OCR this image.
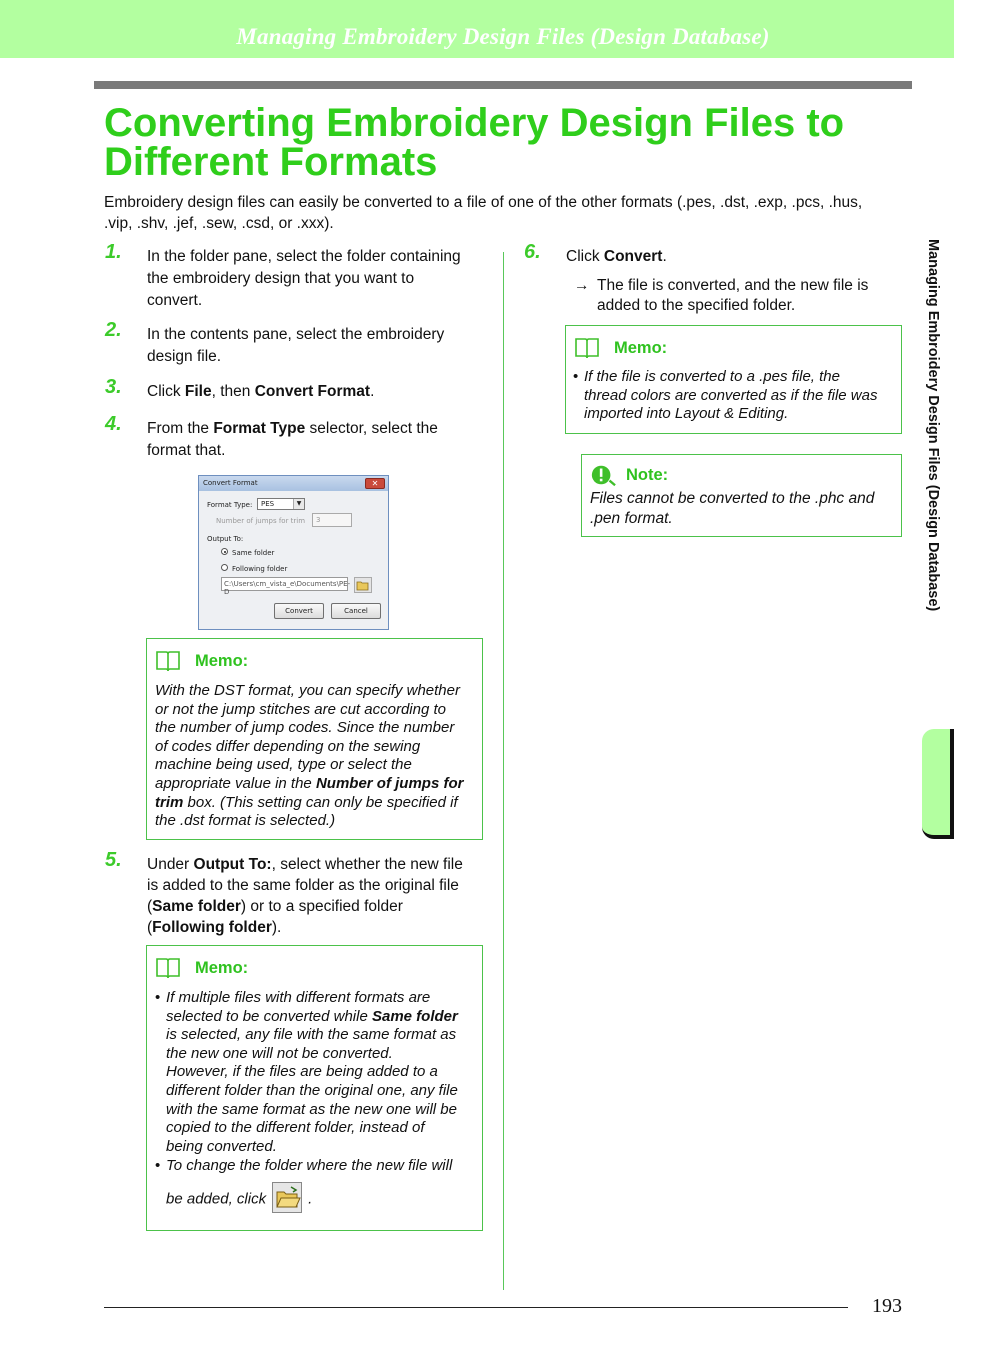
Managing Embroidery Design Files (Design Database)
Converting Embroidery Design Files to
Different Formats
Embroidery design files can easily be converted to a file of one of the other formats (.pes, .dst, .exp, .pcs, .hus,
.vip, .shv, .jef, .sew, .csd, or .xxx).
1. In the folder pane, select the folder containing
the embroidery design that you want to
convert.
2. In the contents pane, select the embroidery
design file.
3. Click File, then Convert Format.
4. From the Format Type selector, select the
format that.
Convert Format	✕
Format Type: PES	▼
Number of jumps for trim 3
Output To:
Same folder
Following folder
C:\Users\cm_vista_e\Documents\PE-D
Convert	Cancel
Memo:
With the DST format, you can specify whether
or not the jump stitches are cut according to
the number of jump codes. Since the number
of codes differ depending on the sewing
machine being used, type or select the
appropriate value in the Number of jumps for
trim box. (This setting can only be specified if
the .dst format is selected.)
5. Under Output To:, select whether the new file
is added to the same folder as the original file
(Same folder) or to a specified folder
(Following folder).
Memo:
• If multiple files with different formats are
selected to be converted while Same folder
is selected, any file with the same format as
the new one will not be converted.
However, if the files are being added to a
different folder than the original one, any file
with the same format as the new one will be
copied to the different folder, instead of
being converted.
• To change the folder where the new file will
be added, click	.
6. Click Convert.
→ The file is converted, and the new file is
added to the specified folder.
Memo:
• If the file is converted to a .pes file, the
thread colors are converted as if the file was
imported into Layout & Editing.
Note:
Files cannot be converted to the .phc and
.pen format.	Managing Embroidery Design Files (Design Database)
193
